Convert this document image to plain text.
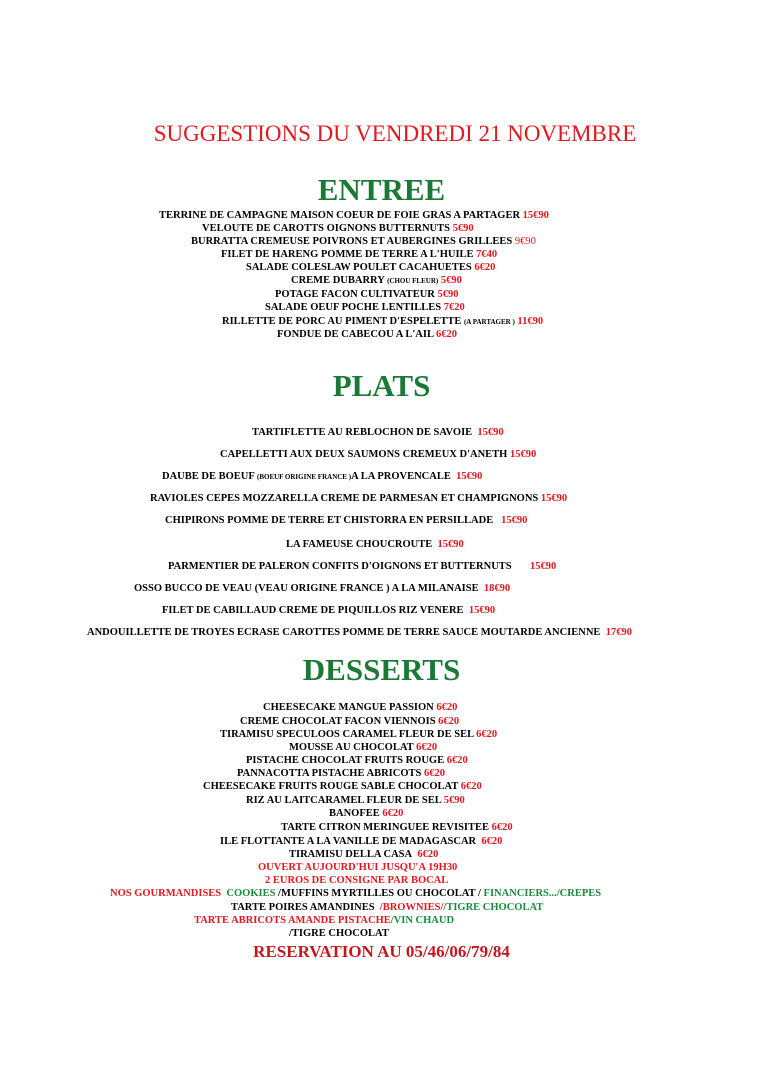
SUGGESTIONS DU VENDREDI 21 NOVEMBRE
ENTREE
TERRINE DE CAMPAGNE MAISON COEUR DE FOIE GRAS A PARTAGER 15€90
VELOUTE DE CAROTTS OIGNONS BUTTERNUTS 5€90
BURRATTA CREMEUSE POIVRONS ET AUBERGINES GRILLEES 9€90
FILET DE HARENG POMME DE TERRE A L'HUILE 7€40
SALADE COLESLAW POULET CACAHUETES 6€20
CREME DUBARRY (CHOU FLEUR) 5€90
POTAGE FACON CULTIVATEUR 5€90
SALADE OEUF POCHE LENTILLES 7€20
RILLETTE DE PORC AU PIMENT D'ESPELETTE (A PARTAGER ) 11€90
FONDUE DE CABECOU A L'AIL 6€20
PLATS
TARTIFLETTE AU REBLOCHON DE SAVOIE 15€90
CAPELLETTI AUX DEUX SAUMONS CREMEUX D'ANETH 15€90
DAUBE DE BOEUF (BOEUF ORIGINE FRANCE )A LA PROVENCALE 15€90
RAVIOLES CEPES MOZZARELLA CREME DE PARMESAN ET CHAMPIGNONS 15€90
CHIPIRONS POMME DE TERRE ET CHISTORRA EN PERSILLADE 15€90
LA FAMEUSE CHOUCROUTE 15€90
PARMENTIER DE PALERON CONFITS D'OIGNONS ET BUTTERNUTS 15€90
OSSO BUCCO DE VEAU (VEAU ORIGINE FRANCE ) A LA MILANAISE 18€90
FILET DE CABILLAUD CREME DE PIQUILLOS RIZ VENERE 15€90
ANDOUILLETTE DE TROYES ECRASE CAROTTES POMME DE TERRE SAUCE MOUTARDE ANCIENNE 17€90
DESSERTS
CHEESECAKE MANGUE PASSION 6€20
CREME CHOCOLAT FACON VIENNOIS 6€20
TIRAMISU SPECULOOS CARAMEL FLEUR DE SEL 6€20
MOUSSE AU CHOCOLAT 6€20
PISTACHE CHOCOLAT FRUITS ROUGE 6€20
PANNACOTTA PISTACHE ABRICOTS 6€20
CHEESECAKE FRUITS ROUGE SABLE CHOCOLAT 6€20
RIZ AU LAITCARAMEL FLEUR DE SEL 5€90
BANOFEE 6€20
TARTE CITRON MERINGUEE REVISITEE 6€20
ILE FLOTTANTE A LA VANILLE DE MADAGASCAR 6€20
TIRAMISU DELLA CASA 6€20
OUVERT AUJOURD'HUI JUSQU'A 19H30
2 EUROS DE CONSIGNE PAR BOCAL
NOS GOURMANDISES COOKIES /MUFFINS MYRTILLES OU CHOCOLAT / FINANCIERS.../CREPES
TARTE POIRES AMANDINES /BROWNIES//TIGRE CHOCOLAT
TARTE ABRICOTS AMANDE PISTACHE/VIN CHAUD
/TIGRE CHOCOLAT
RESERVATION AU 05/46/06/79/84
